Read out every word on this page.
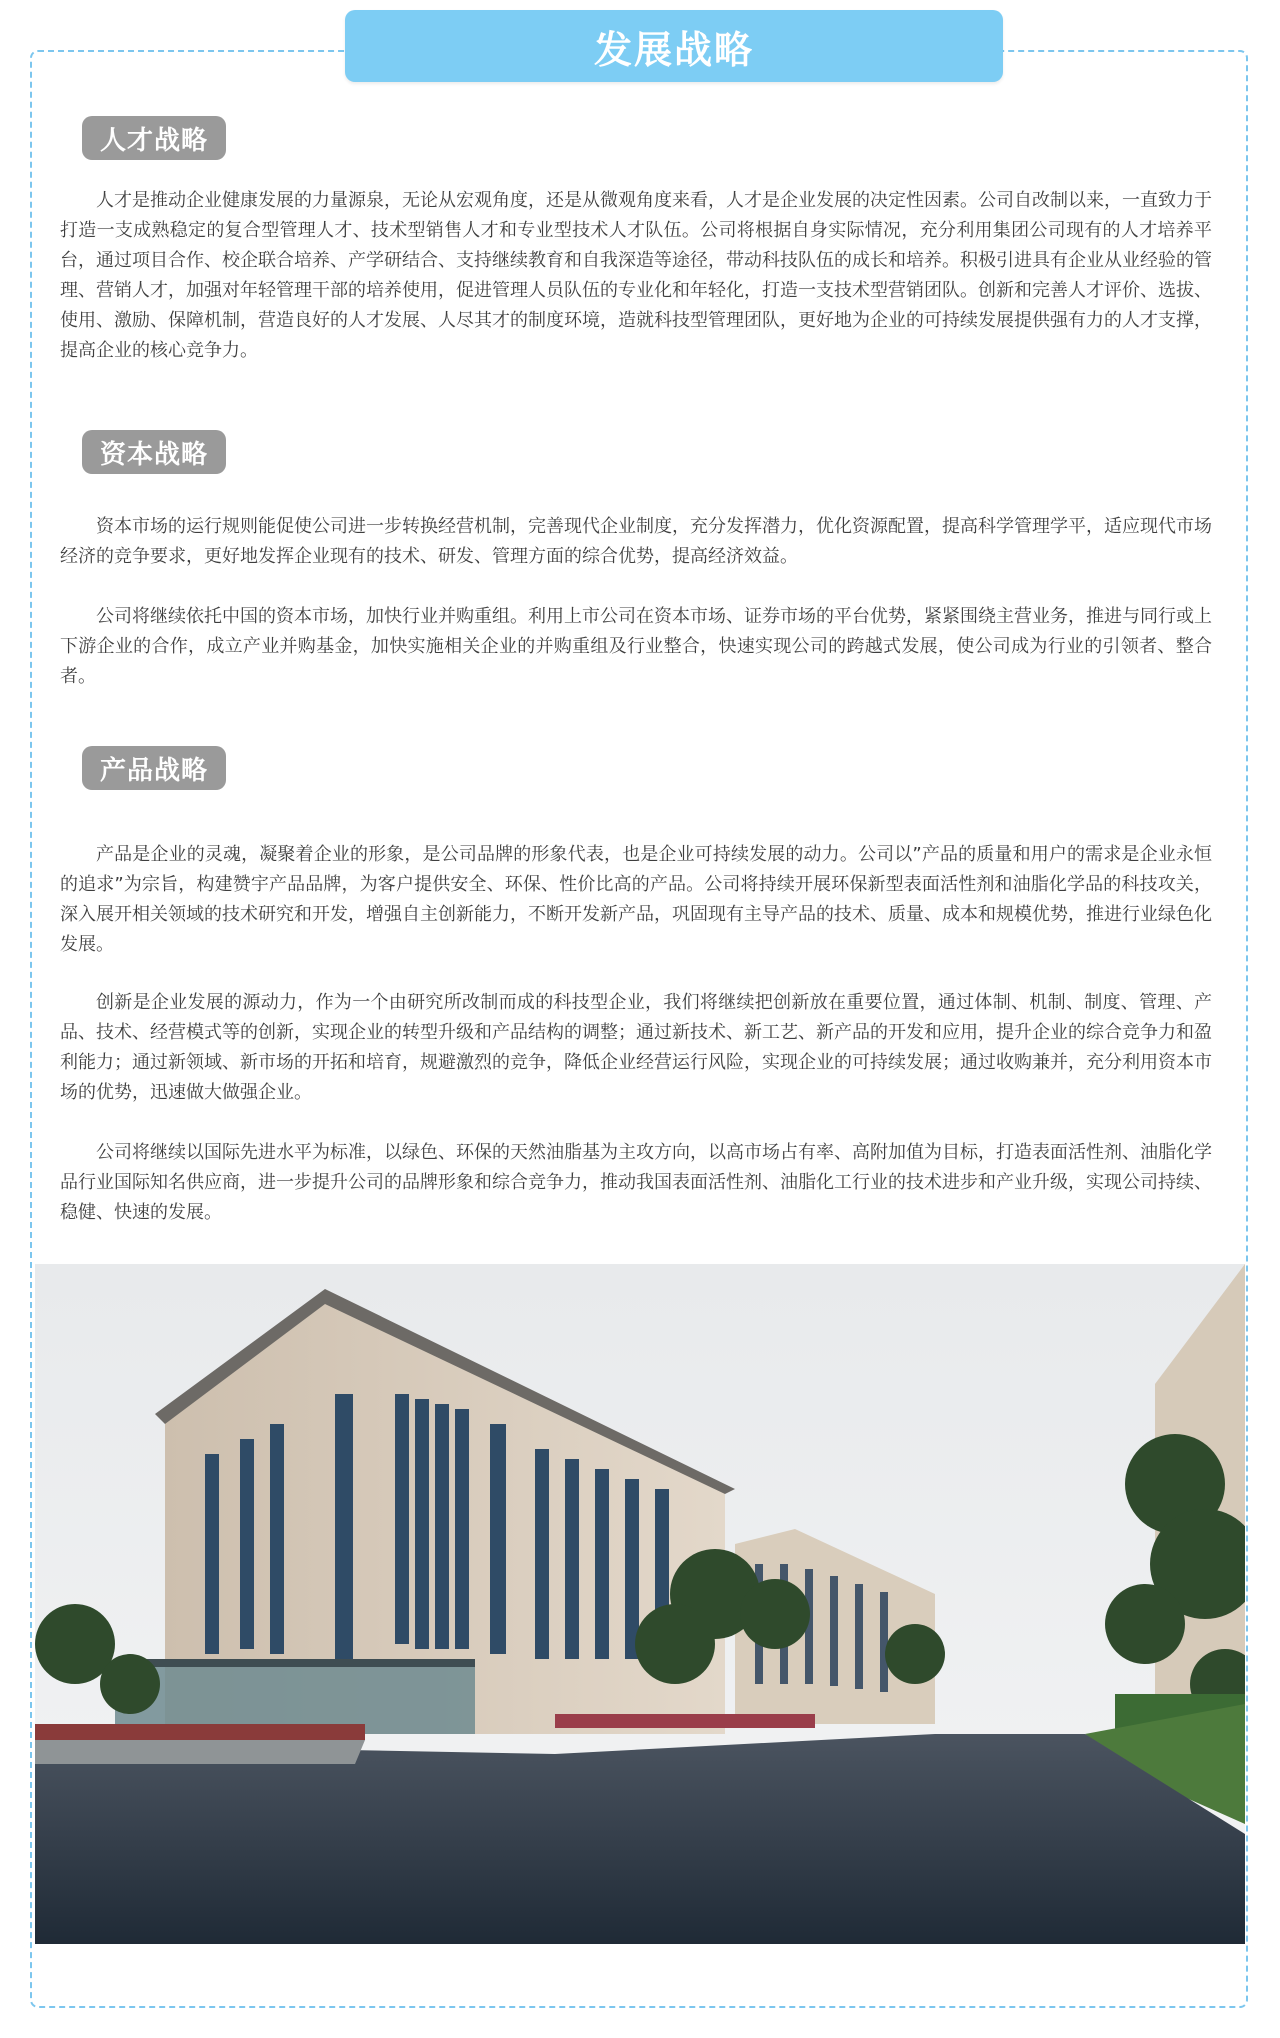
发展战略
人才战略

人才是推动企业健康发展的力量源泉，无论从宏观角度，还是从微观角度来看，人才是企业发展的决定性因素。公司自改制以来，一直致力于打造一支成熟稳定的复合型管理人才、技术型销售人才和专业型技术人才队伍。公司将根据自身实际情况，充分利用集团公司现有的人才培养平台，通过项目合作、校企联合培养、产学研结合、支持继续教育和自我深造等途径，带动科技队伍的成长和培养。积极引进具有企业从业经验的管理、营销人才，加强对年轻管理干部的培养使用，促进管理人员队伍的专业化和年轻化，打造一支技术型营销团队。创新和完善人才评价、选拔、使用、激励、保障机制，营造良好的人才发展、人尽其才的制度环境，造就科技型管理团队，更好地为企业的可持续发展提供强有力的人才支撑，提高企业的核心竞争力。

资本战略

资本市场的运行规则能促使公司进一步转换经营机制，完善现代企业制度，充分发挥潜力，优化资源配置，提高科学管理学平，适应现代市场经济的竞争要求，更好地发挥企业现有的技术、研发、管理方面的综合优势，提高经济效益。

公司将继续依托中国的资本市场，加快行业并购重组。利用上市公司在资本市场、证券市场的平台优势，紧紧围绕主营业务，推进与同行或上下游企业的合作，成立产业并购基金，加快实施相关企业的并购重组及行业整合，快速实现公司的跨越式发展，使公司成为行业的引领者、整合者。

产品战略

产品是企业的灵魂，凝聚着企业的形象，是公司品牌的形象代表，也是企业可持续发展的动力。公司以”产品的质量和用户的需求是企业永恒的追求”为宗旨，构建赞宇产品品牌，为客户提供安全、环保、性价比高的产品。公司将持续开展环保新型表面活性剂和油脂化学品的科技攻关，深入展开相关领域的技术研究和开发，增强自主创新能力，不断开发新产品，巩固现有主导产品的技术、质量、成本和规模优势，推进行业绿色化发展。

创新是企业发展的源动力，作为一个由研究所改制而成的科技型企业，我们将继续把创新放在重要位置，通过体制、机制、制度、管理、产品、技术、经营模式等的创新，实现企业的转型升级和产品结构的调整；通过新技术、新工艺、新产品的开发和应用，提升企业的综合竞争力和盈利能力；通过新领域、新市场的开拓和培育，规避激烈的竞争，降低企业经营运行风险，实现企业的可持续发展；通过收购兼并，充分利用资本市场的优势，迅速做大做强企业。

公司将继续以国际先进水平为标准，以绿色、环保的天然油脂基为主攻方向，以高市场占有率、高附加值为目标，打造表面活性剂、油脂化学品行业国际知名供应商，进一步提升公司的品牌形象和综合竞争力，推动我国表面活性剂、油脂化工行业的技术进步和产业升级，实现公司持续、稳健、快速的发展。
